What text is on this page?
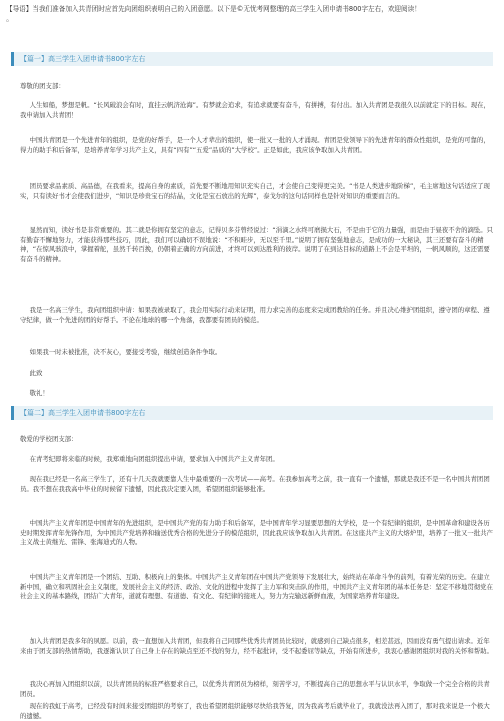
【导语】当我们准备加入共青团时应首先向团组织表明自己的入团意愿。以下是©无忧考网整理的高三学生入团申请书800字左右，欢迎阅读！
。
【篇一】高三学生入团申请书800字左右

尊敬的团支部：

人生如船，梦想是帆。“长风破浪会有时，直挂云帆济沧海”。有梦就会追求，有追求就要有奋斗，有拼搏，有付出。加入共青团是我很久以前就定下的目标。现在，我申请加入共青团！

中国共青团是一个先进青年的组织，是党的好帮手，是一个人才辈出的组织，使一批又一批的人才涌现。青团是党领导下的先进青年的群众性组织，是党的可靠的，得力的助手和后备军，是培养青年学习共产主义，具有“四有”“五爱”品质的”大学校”。正是如此，我应该争取加入共青团。

团员要求品素质、高品德，在我看来，提高自身的素质，首先要不断地用知识充实自己，才会使自己变得更完美。“书是人类进步地阶梯”，毛主席地这句话适应了现实，只有读好书才会使我们进步，“知识是珍贵宝石的结晶，文化是宝石放出的光辉”，泰戈尔的这句话同样也是针对知识的重要而言的。

显然而知，读好书是非常重要的。其二就是你拥有坚定的意志，记得贝多芬曾经说过：“涓滴之水终可磨损大石，不是由于它的力量强，而是由于昼夜不舍的滴坠。只有勤奋不懈地努力，才能获得那些技巧，因此，我们可以确切不误地说：“不积畦步，无以至千里。”说明了拥有坚强地意志，是成功的一大秘诀，其三还要有奋斗的精神，“在惊风骇浪中，掌握着舵，虽然千转百挽，仍朝着正确的方向前进，才终可以到达胜利的彼岸。说明了在到达目标的道路上不会是平坦的，一帆风顺的，这还需要有奋斗的精神。

我是一名高三学生，我向团组织申请：如果我被录取了，我会用实际行动来证明，用力求完善的态度来完成团教给的任务。并且决心维护团组织，遵守团的章程、遵守纪律，做一个先进的团的好帮手。不论在地球的哪一个角落，我都要有团员的模范。

如果我一时未被批准，决不灰心，要接受考验，继续创造条件争取。

此致

敬礼！

【篇二】高三学生入团申请书800字左右

敬爱的学校团支部：

在青考纪即将来临的时候，我郑重地向团组织提出申请，要求加入中国共产主义青年团。

现在我已经是一名高三学生了，还有十几天我就要靠人生中最重要的一次考试——高考。在我参加高考之前，我一直有一个遗憾，那就是我还不是一名中国共青团团员。我不想在我我高中毕业的时候留下遗憾，因此我决定要入团，希望团组织能够批准。

中国共产主义青年团是中国青年的先进组织，是中国共产党的有力助手和后备军，是中国青年学习显要思想的大学校，是一个有纪律的组织，是中国革命和建设各历史时期发挥青年先锋作用，为中国共产党培养和输送优秀合格的先进分子的模范组织，因此我应该争取加入共青团。在这座共产主义的大熔炉里，培养了一批又一批共产主义战士黄继光、雷锋、张海迪式的人物。

中国共产主义青年团是一个团结、互助、积极向上的集体。中国共产主义青年团在中国共产党领导下发展壮大，始终站在革命斗争的前列，有着光荣的历史。在建立新中国，确立和巩固社会主义制度，发展社会主义的经济、政治、文化的进程中发挥了主力军和突击队的作用，中国共产主义青年团的基本任务是：坚定不移地贯彻党在社会主义的基本路线，团结广大青年，道就有理想、有道德、有文化、有纪律的接班人，努力为完输远新鲜血液，为国家培养青年建设。

加入共青团是我多年的夙愿。以前，我一直想加入共青团，但我将自己同那些优秀共青团员比较时，就感到自己缺点很多，相差甚远，因而没有勇气提出请求。近年来由于团支部的热情帮助，我逐渐认识了自己身上存在的缺点至还不找的努力，经不起批评，受不起委屈等缺点，开始有所进步，我衷心感谢团组织对我的关怀和帮助。

我决心再加入团组织以前，以共青团员的标准严格要求自己，以优秀共青团员为榜样，刻苦学习，不断提高自己的思想水平与认识水平，争取做一个完全合格的共青团员。

现在的我虹于高考，已经没有时间来接受团组织的考察了，我也希望团组织能够尽快给我答复，因为我高考后就毕业了，我就没法再入团了，那对我来说是一个极大的遗憾。
